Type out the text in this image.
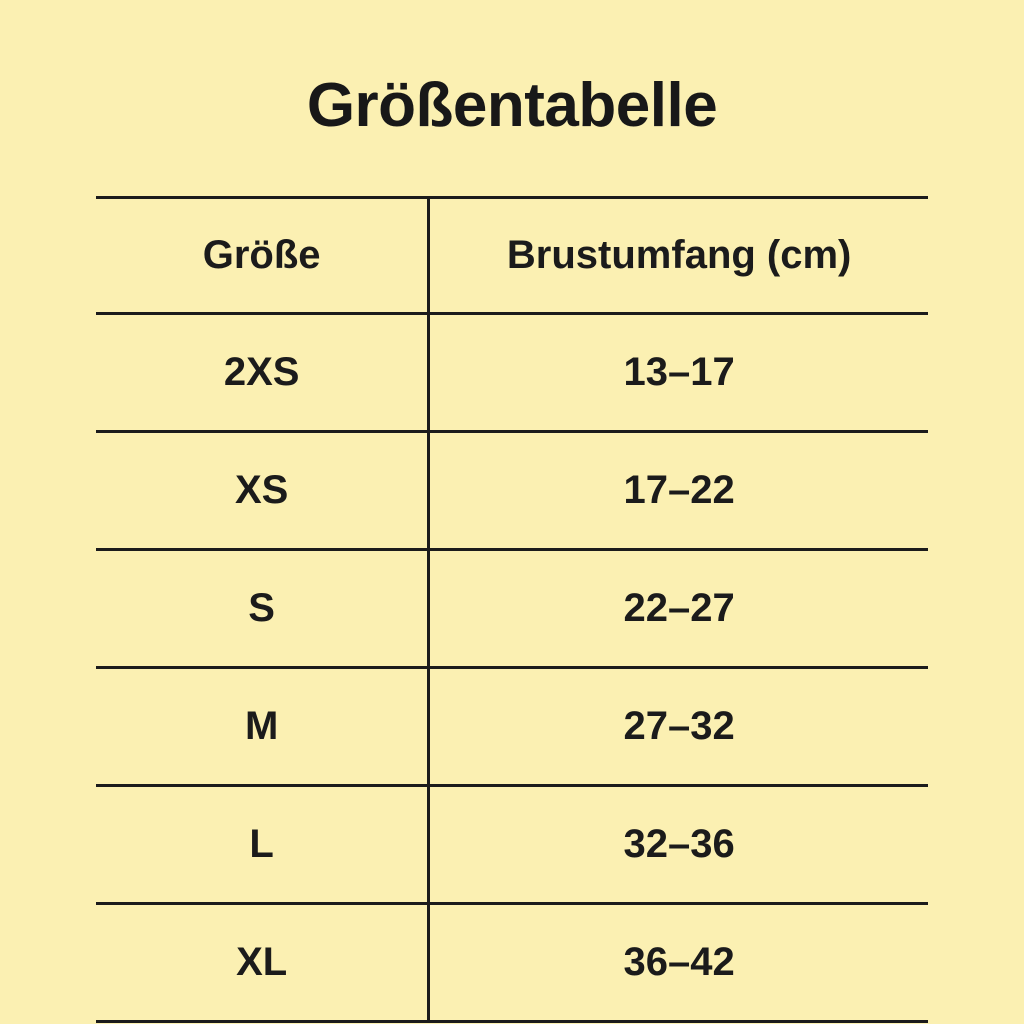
Größentabelle
Größe	Brustumfang (cm)
2XS	13–17
XS	17–22
S	22–27
M	27–32
L	32–36
XL	36–42
